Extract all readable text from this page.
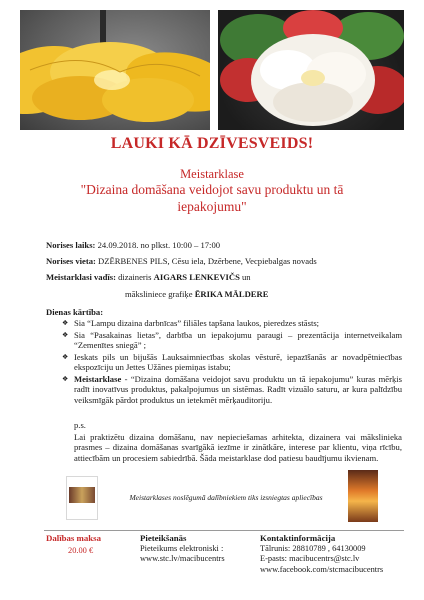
LAUKI KĀ DZĪVESVEIDS!
Meistarklase
"Dizaina domāšana veidojot savu produktu un tā iepakojumu"
Norises laiks: 24.09.2018. no plkst. 10:00 – 17:00
Norises vieta: DZĒRBENES PILS, Cēsu iela, Dzērbene, Vecpiebalgas novads
Meistarklasi vadīs: dizaineris AIGARS LENKEVIČS un
māksliniece grafiķe ĒRIKA MĀLDERE
Dienas kārtība:
❖ Sia “Lampu dizaina darbnīcas” filiāles tapšana laukos, pieredzes stāsts;
❖ Sia “Pasakainas lietas”, darbība un iepakojumu paraugi – prezentācija internetveikalam “Zemenītes sniegā” ;
❖ Ieskats pils un bijušās Lauksaimniecības skolas vēsturē, iepazīšanās ar novadpētniecības ekspozīciju un Jettes Užānes piemiņas istabu;
❖ Meistarklase - “Dizaina domāšana veidojot savu produktu un tā iepakojumu” kuras mērķis radīt inovatīvus produktus, pakalpojumus un sistēmas. Radīt vizuālo saturu, ar kura palīdzību veiksmīgāk pārdot produktus un ietekmēt mērķauditoriju.

p.s.

Lai praktizētu dizaina domāšanu, nav nepieciešamas arhitekta, dizainera vai mākslinieka prasmes – dizaina domāšanas svarīgākā iezīme ir zinātkāre, interese par klientu, viņa rīcību, attiecībām un procesiem sabiedrībā. Šāda meistarklase dod patiesu baudījumu ikvienam.

Meistarklases noslēgumā dalībniekiem tiks izsniegtas apliecības
Dalības maksa
20.00 €
Pieteikšanās
Pieteikums elektroniski :
www.stc.lv/macibucentrs
Kontaktinformācija
Tālrunis: 28810789 , 64130009
E-pasts: macibucentrs@stc.lv
www.facebook.com/stcmacibucentrs
